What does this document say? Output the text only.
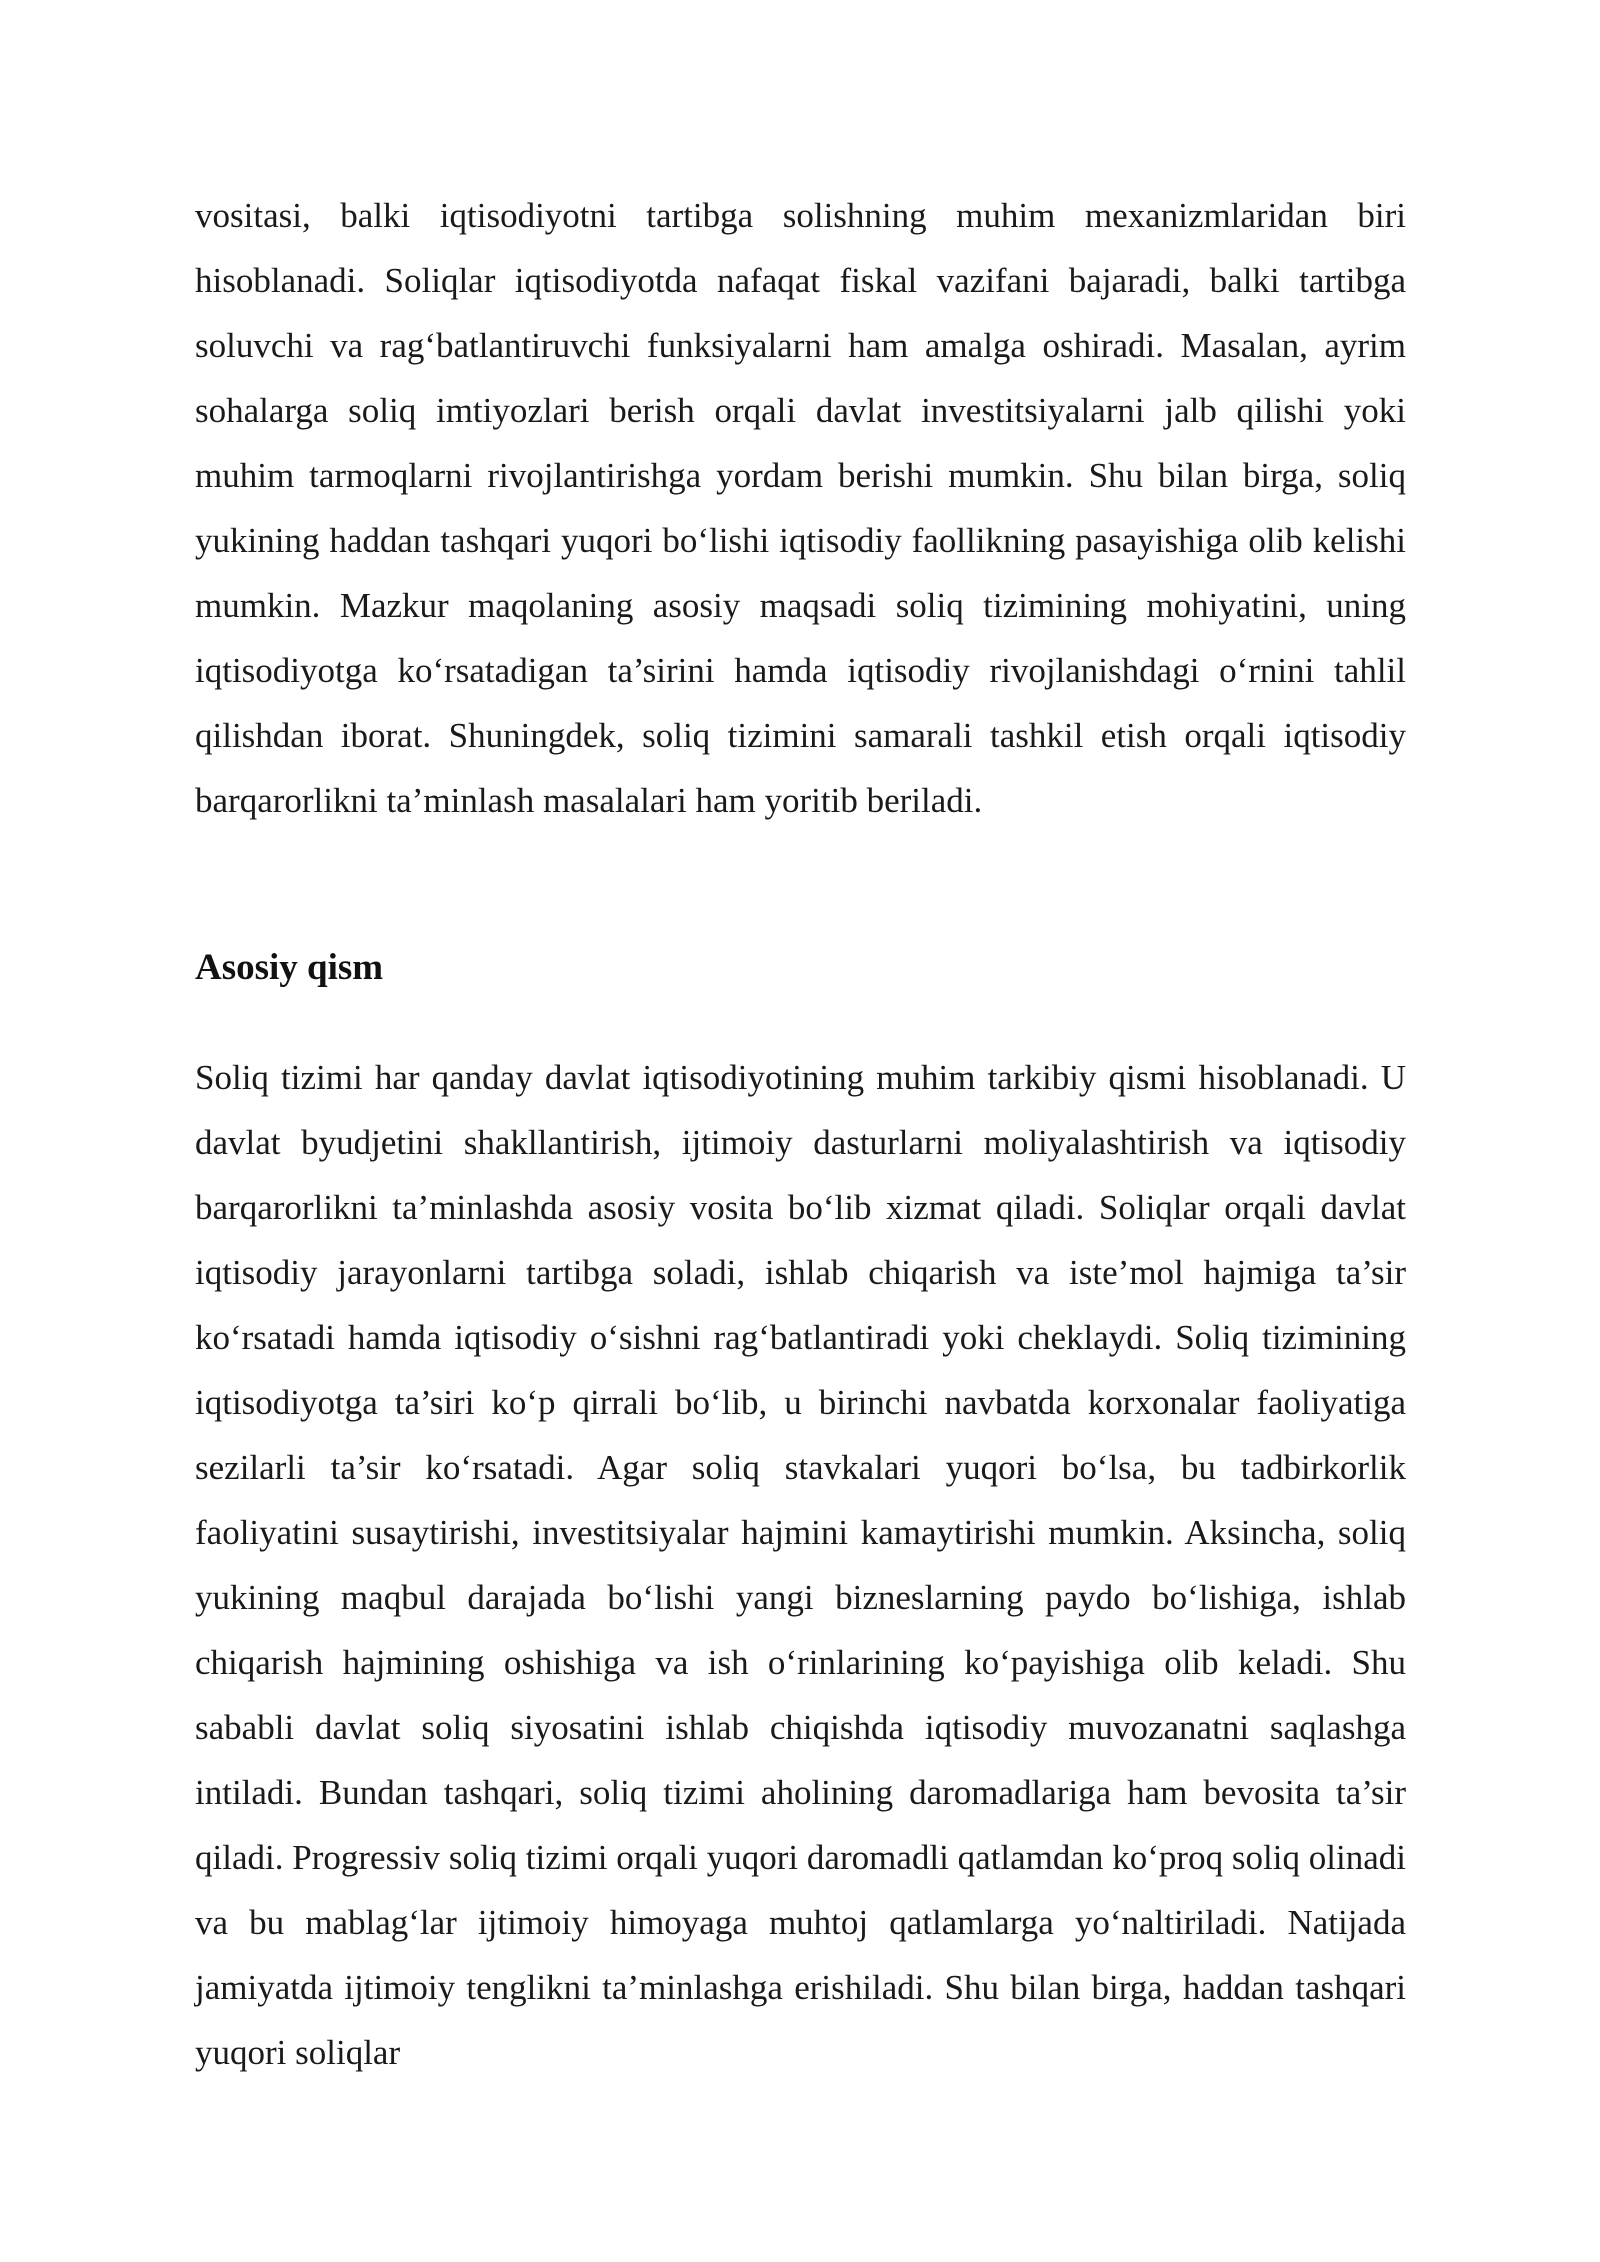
vositasi, balki iqtisodiyotni tartibga solishning muhim mexanizmlaridan biri hisoblanadi. Soliqlar iqtisodiyotda nafaqat fiskal vazifani bajaradi, balki tartibga soluvchi va rag‘batlantiruvchi funksiyalarni ham amalga oshiradi. Masalan, ayrim sohalarga soliq imtiyozlari berish orqali davlat investitsiyalarni jalb qilishi yoki muhim tarmoqlarni rivojlantirishga yordam berishi mumkin. Shu bilan birga, soliq yukining haddan tashqari yuqori bo‘lishi iqtisodiy faollikning pasayishiga olib kelishi mumkin. Mazkur maqolaning asosiy maqsadi soliq tizimining mohiyatini, uning iqtisodiyotga ko‘rsatadigan ta’sirini hamda iqtisodiy rivojlanishdagi o‘rnini tahlil qilishdan iborat. Shuningdek, soliq tizimini samarali tashkil etish orqali iqtisodiy barqarorlikni ta’minlash masalalari ham yoritib beriladi.

Asosiy qism

Soliq tizimi har qanday davlat iqtisodiyotining muhim tarkibiy qismi hisoblanadi. U davlat byudjetini shakllantirish, ijtimoiy dasturlarni moliyalashtirish va iqtisodiy barqarorlikni ta’minlashda asosiy vosita bo‘lib xizmat qiladi. Soliqlar orqali davlat iqtisodiy jarayonlarni tartibga soladi, ishlab chiqarish va iste’mol hajmiga ta’sir ko‘rsatadi hamda iqtisodiy o‘sishni rag‘batlantiradi yoki cheklaydi. Soliq tizimining iqtisodiyotga ta’siri ko‘p qirrali bo‘lib, u birinchi navbatda korxonalar faoliyatiga sezilarli ta’sir ko‘rsatadi. Agar soliq stavkalari yuqori bo‘lsa, bu tadbirkorlik faoliyatini susaytirishi, investitsiyalar hajmini kamaytirishi mumkin. Aksincha, soliq yukining maqbul darajada bo‘lishi yangi bizneslarning paydo bo‘lishiga, ishlab chiqarish hajmining oshishiga va ish o‘rinlarining ko‘payishiga olib keladi. Shu sababli davlat soliq siyosatini ishlab chiqishda iqtisodiy muvozanatni saqlashga intiladi. Bundan tashqari, soliq tizimi aholining daromadlariga ham bevosita ta’sir qiladi. Progressiv soliq tizimi orqali yuqori daromadli qatlamdan ko‘proq soliq olinadi va bu mablag‘lar ijtimoiy himoyaga muhtoj qatlamlarga yo‘naltiriladi. Natijada jamiyatda ijtimoiy tenglikni ta’minlashga erishiladi. Shu bilan birga, haddan tashqari yuqori soliqlar
